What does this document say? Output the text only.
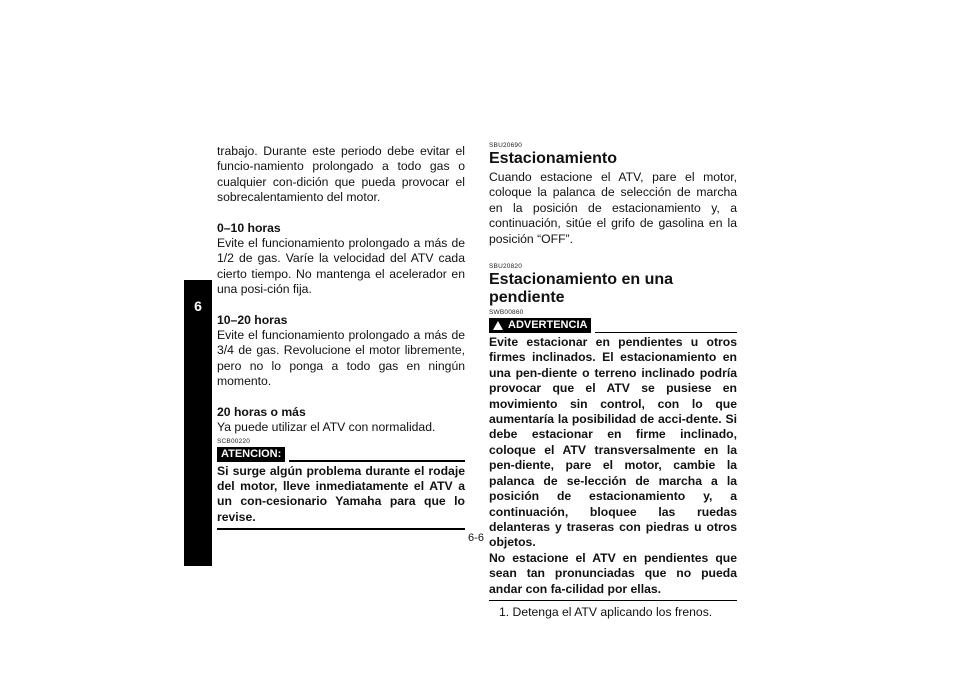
6

trabajo. Durante este periodo debe evitar el funcio-namiento prolongado a todo gas o cualquier con-dición que pueda provocar el sobrecalentamiento del motor.

0–10 horas

Evite el funcionamiento prolongado a más de 1/2 de gas. Varíe la velocidad del ATV cada cierto tiempo. No mantenga el acelerador en una posi-ción fija.

10–20 horas

Evite el funcionamiento prolongado a más de 3/4 de gas. Revolucione el motor libremente, pero no lo ponga a todo gas en ningún momento.

20 horas o más

Ya puede utilizar el ATV con normalidad.

SCB00220

ATENCION:

Si surge algún problema durante el rodaje del motor, lleve inmediatamente el ATV a un con-cesionario Yamaha para que lo revise.

SBU20690

Estacionamiento

Cuando estacione el ATV, pare el motor, coloque la palanca de selección de marcha en la posición de estacionamiento y, a continuación, sitúe el grifo de gasolina en la posición “OFF”.

SBU20820

Estacionamiento en una pendiente

SWB00860

ADVERTENCIA

Evite estacionar en pendientes u otros firmes inclinados. El estacionamiento en una pen-diente o terreno inclinado podría provocar que el ATV se pusiese en movimiento sin control, con lo que aumentaría la posibilidad de acci-dente. Si debe estacionar en firme inclinado, coloque el ATV transversalmente en la pen-diente, pare el motor, cambie la palanca de se-lección de marcha a la posición de estacionamiento y, a continuación, bloquee las ruedas delanteras y traseras con piedras u otros objetos.

No estacione el ATV en pendientes que sean tan pronunciadas que no pueda andar con fa-cilidad por ellas.

1. Detenga el ATV aplicando los frenos.

6-6
